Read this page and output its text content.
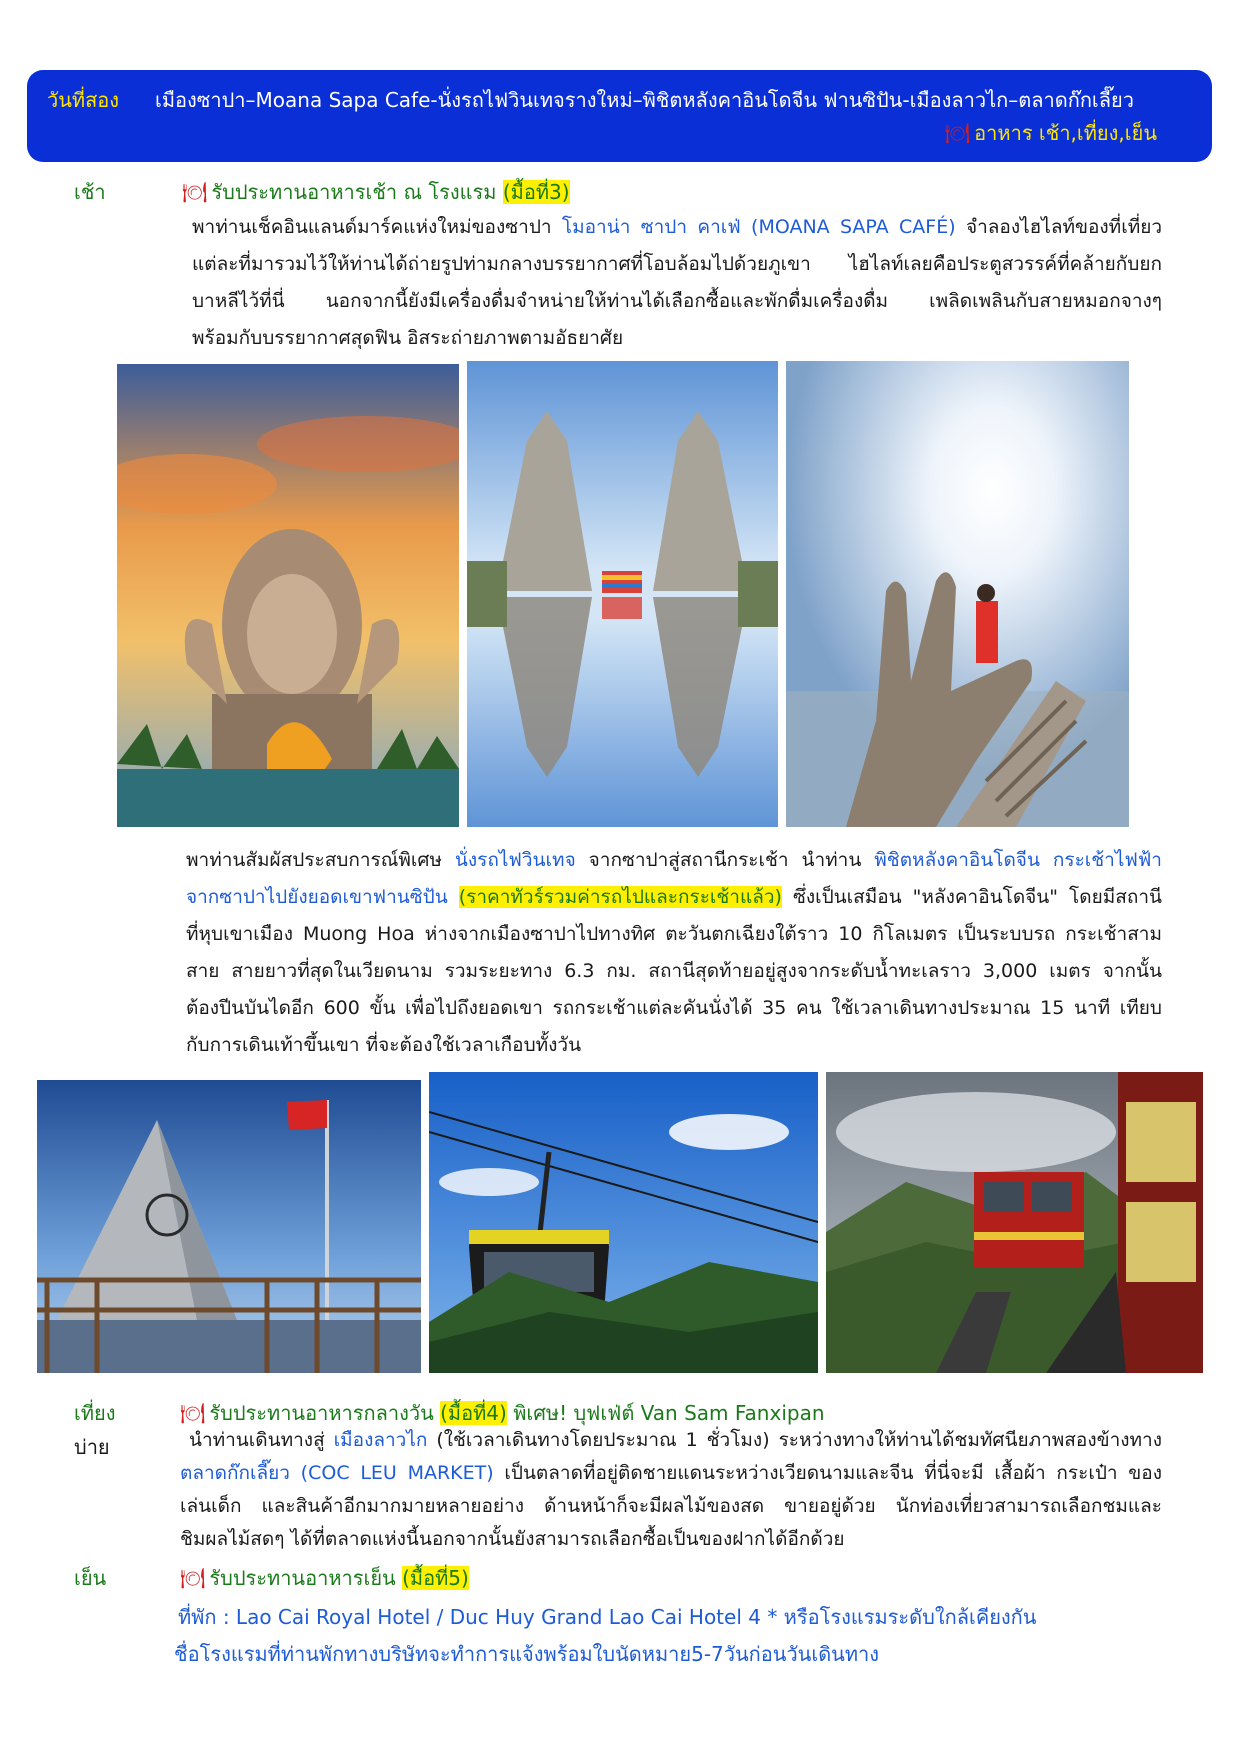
วันที่สอง เมืองซาปา–Moana Sapa Cafe-นั่งรถไฟวินเทจรางใหม่–พิชิตหลังคาอินโดจีน ฟานซิปัน-เมืองลาวไก–ตลาดก๊กเลี๊ยว
🍽 อาหาร เช้า,เที่ยง,เย็น
เช้า	🍽 รับประทานอาหารเช้า ณ โรงแรม (มื้อที่3)
พาท่านเช็คอินแลนด์มาร์คแห่งใหม่ของซาปา โมอาน่า ซาปา คาเฟ่ (MOANA SAPA CAFÉ) จำลองไฮไลท์ของที่เที่ยว
แต่ละที่มารวมไว้ให้ท่านได้ถ่ายรูปท่ามกลางบรรยากาศที่โอบล้อมไปด้วยภูเขา ไฮไลท์เลยคือประตูสวรรค์ที่คล้ายกับยก
บาหลีไว้ที่นี่ นอกจากนี้ยังมีเครื่องดื่มจำหน่ายให้ท่านได้เลือกซื้อและพักดื่มเครื่องดื่ม เพลิดเพลินกับสายหมอกจางๆ
พร้อมกับบรรยากาศสุดฟิน อิสระถ่ายภาพตามอัธยาศัย
พาท่านสัมผัสประสบการณ์พิเศษ นั่งรถไฟวินเทจ จากซาปาสู่สถานีกระเช้า นำท่าน พิชิตหลังคาอินโดจีน กระเช้าไฟฟ้า
จากซาปาไปยังยอดเขาฟานซิปัน (ราคาทัวร์รวมค่ารถไปและกระเช้าแล้ว) ซึ่งเป็นเสมือน "หลังคาอินโดจีน" โดยมีสถานี
ที่หุบเขาเมือง Muong Hoa ห่างจากเมืองซาปาไปทางทิศ ตะวันตกเฉียงใต้ราว 10 กิโลเมตร เป็นระบบรถ กระเช้าสาม
สาย สายยาวที่สุดในเวียดนาม รวมระยะทาง 6.3 กม. สถานีสุดท้ายอยู่สูงจากระดับน้ำทะเลราว 3,000 เมตร จากนั้น
ต้องปีนบันไดอีก 600 ขั้น เพื่อไปถึงยอดเขา รถกระเช้าแต่ละคันนั่งได้ 35 คน ใช้เวลาเดินทางประมาณ 15 นาที เทียบ
กับการเดินเท้าขึ้นเขา ที่จะต้องใช้เวลาเกือบทั้งวัน
เที่ยง	🍽 รับประทานอาหารกลางวัน (มื้อที่4) พิเศษ! บุฟเฟ่ต์ Van Sam Fanxipan
บ่าย	นำท่านเดินทางสู่ เมืองลาวไก (ใช้เวลาเดินทางโดยประมาณ 1 ชั่วโมง) ระหว่างทางให้ท่านได้ชมทัศนียภาพสองข้างทาง
ตลาดก๊กเลี๊ยว (COC LEU MARKET) เป็นตลาดที่อยู่ติดชายแดนระหว่างเวียดนามและจีน ที่นี่จะมี เสื้อผ้า กระเป๋า ของ
เล่นเด็ก และสินค้าอีกมากมายหลายอย่าง ด้านหน้าก็จะมีผลไม้ของสด ขายอยู่ด้วย นักท่องเที่ยวสามารถเลือกชมและ
ชิมผลไม้สดๆ ได้ที่ตลาดแห่งนี้นอกจากนั้นยังสามารถเลือกซื้อเป็นของฝากได้อีกด้วย
เย็น	🍽 รับประทานอาหารเย็น (มื้อที่5)
ที่พัก : Lao Cai Royal Hotel / Duc Huy Grand Lao Cai Hotel 4 * หรือโรงแรมระดับใกล้เคียงกัน
ชื่อโรงแรมที่ท่านพักทางบริษัทจะทำการแจ้งพร้อมใบนัดหมาย5-7วันก่อนวันเดินทาง
